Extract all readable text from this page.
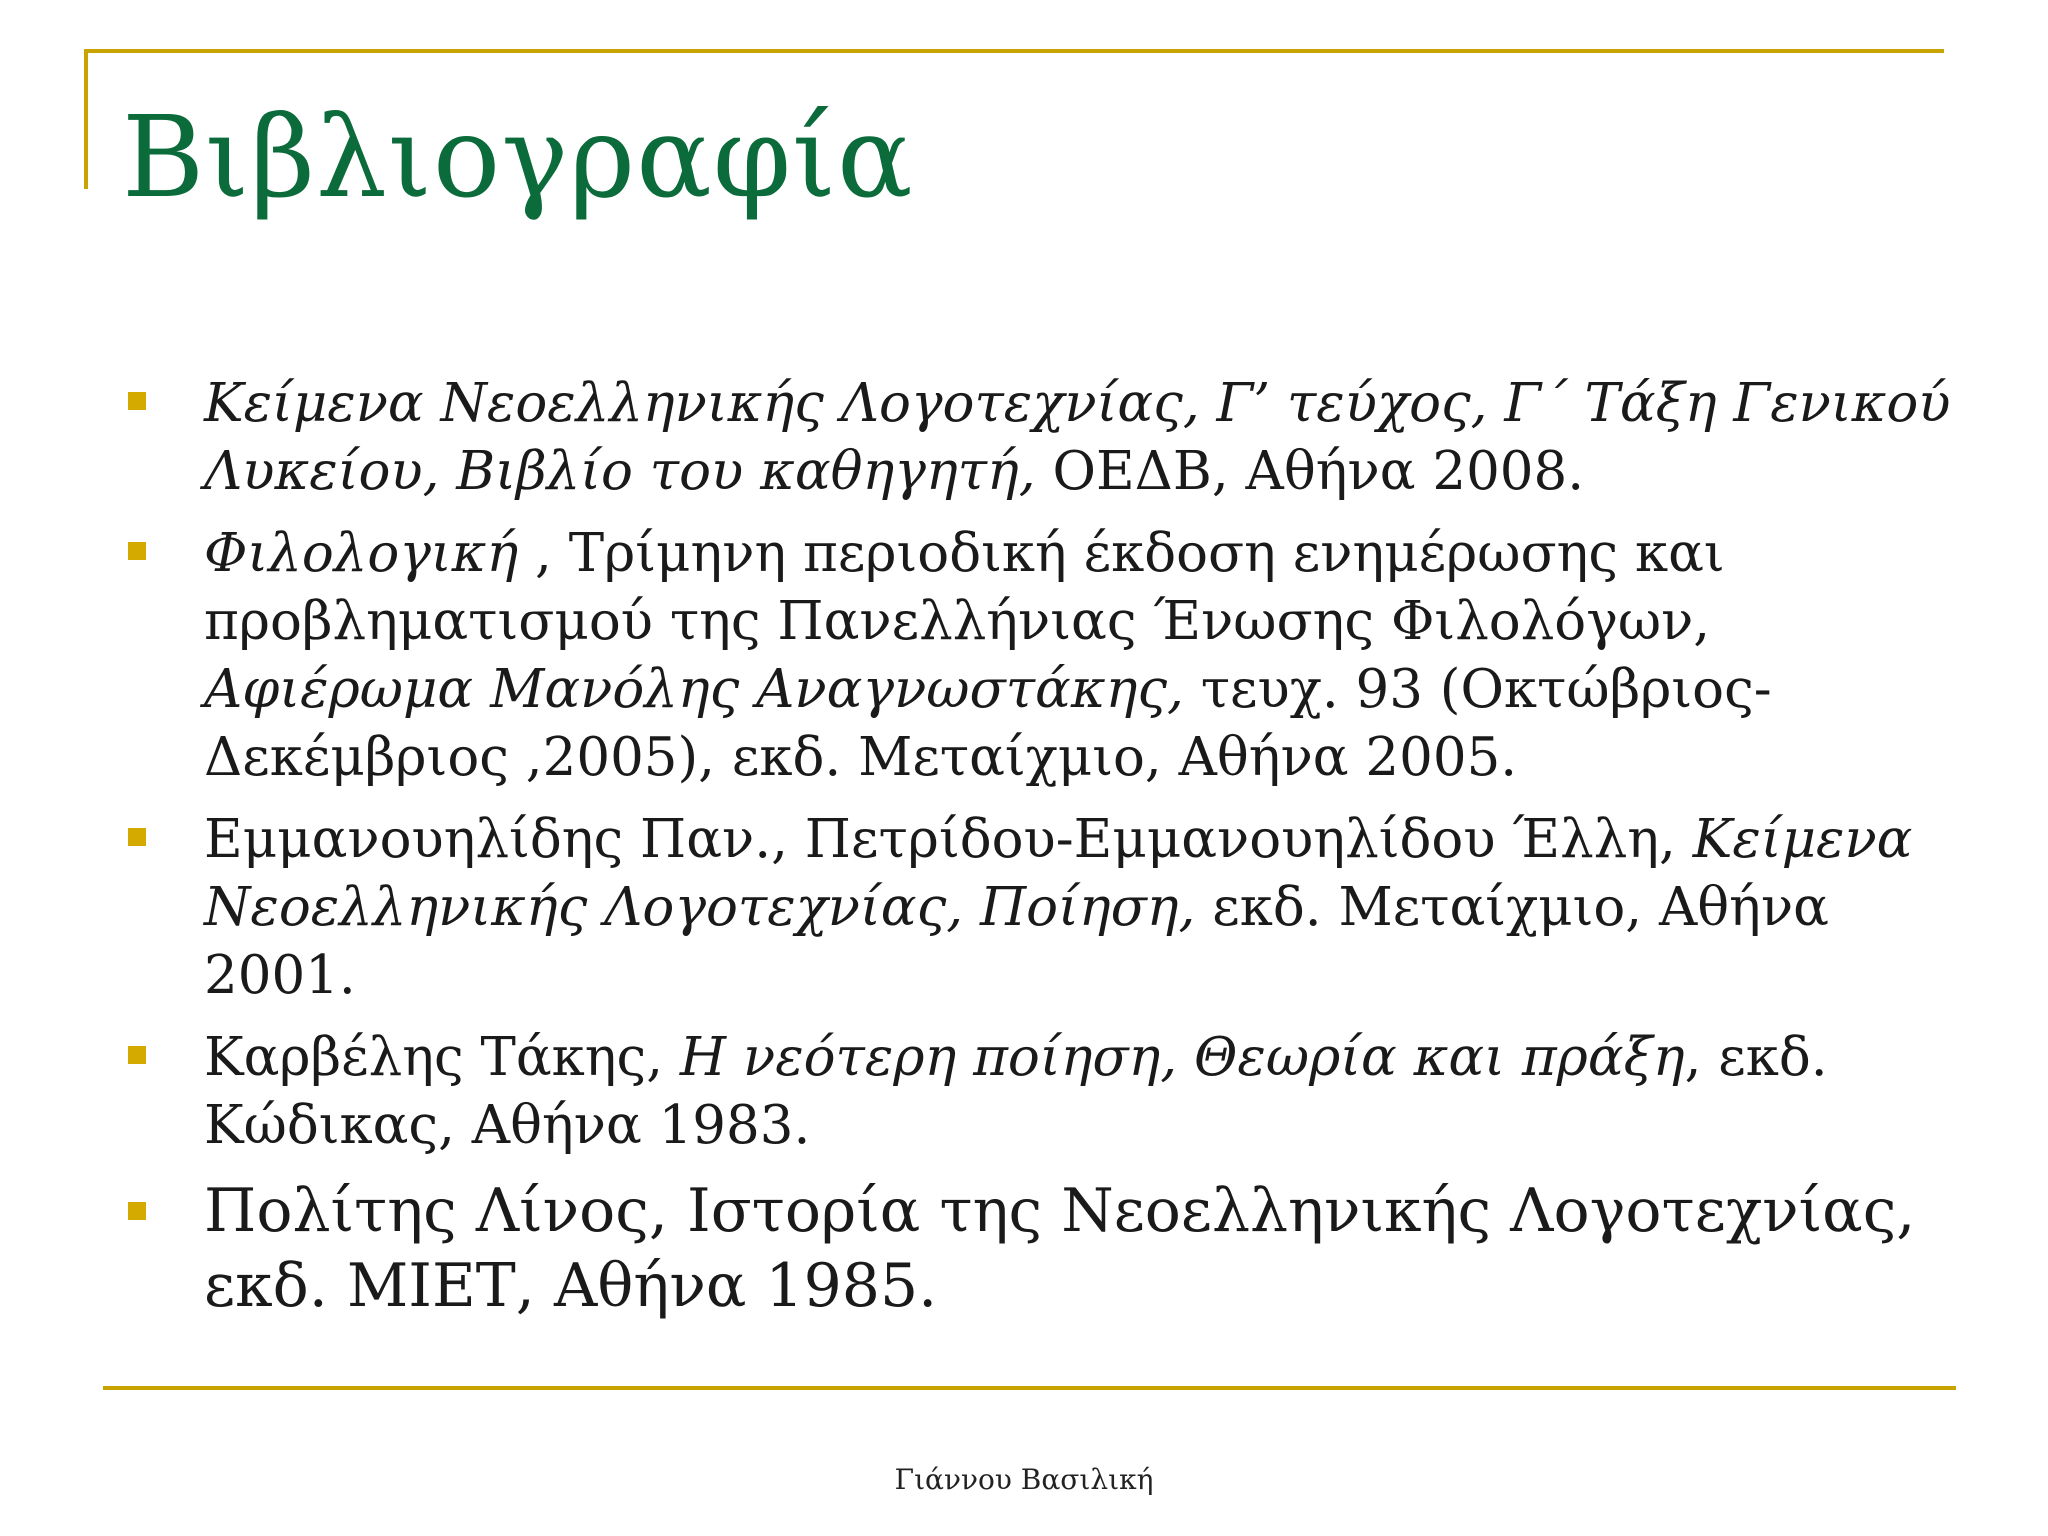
Βιβλιογραφία
Κείμενα Νεοελληνικής Λογοτεχνίας, Γ’ τεύχος, Γ΄ Τάξη Γενικού Λυκείου, Βιβλίο του καθηγητή, ΟΕΔΒ, Αθήνα 2008.
Φιλολογική , Τρίμηνη περιοδική έκδοση ενημέρωσης και προβληματισμού της Πανελλήνιας Ένωσης Φιλολόγων, Αφιέρωμα Μανόλης Αναγνωστάκης, τευχ. 93 (Οκτώβριος-Δεκέμβριος ,2005), εκδ. Μεταίχμιο, Αθήνα 2005.
Εμμανουηλίδης Παν., Πετρίδου-Εμμανουηλίδου Έλλη, Κείμενα Νεοελληνικής Λογοτεχνίας, Ποίηση, εκδ. Μεταίχμιο, Αθήνα 2001.
Καρβέλης Τάκης, Η νεότερη ποίηση, Θεωρία και πράξη, εκδ. Κώδικας, Αθήνα 1983.
Πολίτης Λίνος, Ιστορία της Νεοελληνικής Λογοτεχνίας, εκδ. ΜΙΕΤ, Αθήνα 1985.
Γιάννου Βασιλική
